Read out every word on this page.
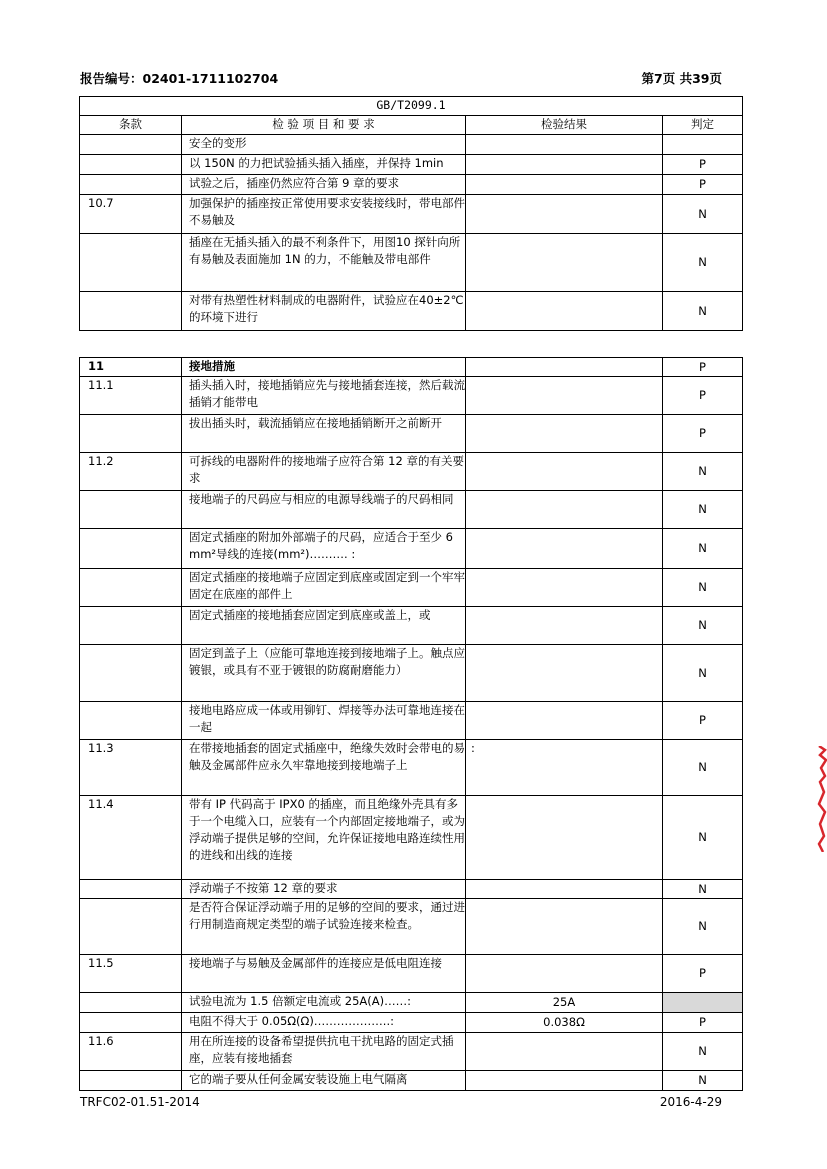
报告编号：02401-1711102704	第7页 共39页
GB/T2099.1			
条款	检 验 项 目 和 要 求	检验结果	判定
	安全的变形		
	以 150N 的力把试验插头插入插座，并保持 1min		P
	试验之后，插座仍然应符合第 9 章的要求		P
10.7	加强保护的插座按正常使用要求安装接线时，带电部件不易触及		N
	插座在无插头插入的最不利条件下，用图10 探针向所有易触及表面施加 1N 的力，不能触及带电部件		N
	对带有热塑性材料制成的电器附件，试验应在40±2℃的环境下进行		N
11	接地措施		P
11.1	插头插入时，接地插销应先与接地插套连接，然后载流插销才能带电		P
	拔出插头时，载流插销应在接地插销断开之前断开		P
11.2	可拆线的电器附件的接地端子应符合第 12 章的有关要求		N
	接地端子的尺码应与相应的电源导线端子的尺码相同		N
	固定式插座的附加外部端子的尺码，应适合于至少 6 mm²导线的连接(mm²)………. :		N
	固定式插座的接地端子应固定到底座或固定到一个牢牢固定在底座的部件上		N
	固定式插座的接地插套应固定到底座或盖上，或		N
	固定到盖子上（应能可靠地连接到接地端子上。触点应镀银，或具有不亚于镀银的防腐耐磨能力）		N
	接地电路应成一体或用铆钉、焊接等办法可靠地连接在一起		P
11.3	在带接地插套的固定式插座中，绝缘失效时会带电的易触及金属部件应永久牢靠地接到接地端子上	:	N
11.4	带有 IP 代码高于 IPX0 的插座，而且绝缘外壳具有多于一个电缆入口，应装有一个内部固定接地端子，或为浮动端子提供足够的空间，允许保证接地电路连续性用的进线和出线的连接		N
	浮动端子不按第 12 章的要求		N
	是否符合保证浮动端子用的足够的空间的要求，通过进行用制造商规定类型的端子试验连接来检查。		N
11.5	接地端子与易触及金属部件的连接应是低电阻连接		P
	试验电流为 1.5 倍额定电流或 25A(A)……:	25A	
	电阻不得大于 0.05Ω(Ω)………………..:	0.038Ω	P
11.6	用在所连接的设备希望提供抗电干扰电路的固定式插座，应装有接地插套		N
	它的端子要从任何金属安装设施上电气隔离		N
TRFC02-01.51-2014	2016-4-29
